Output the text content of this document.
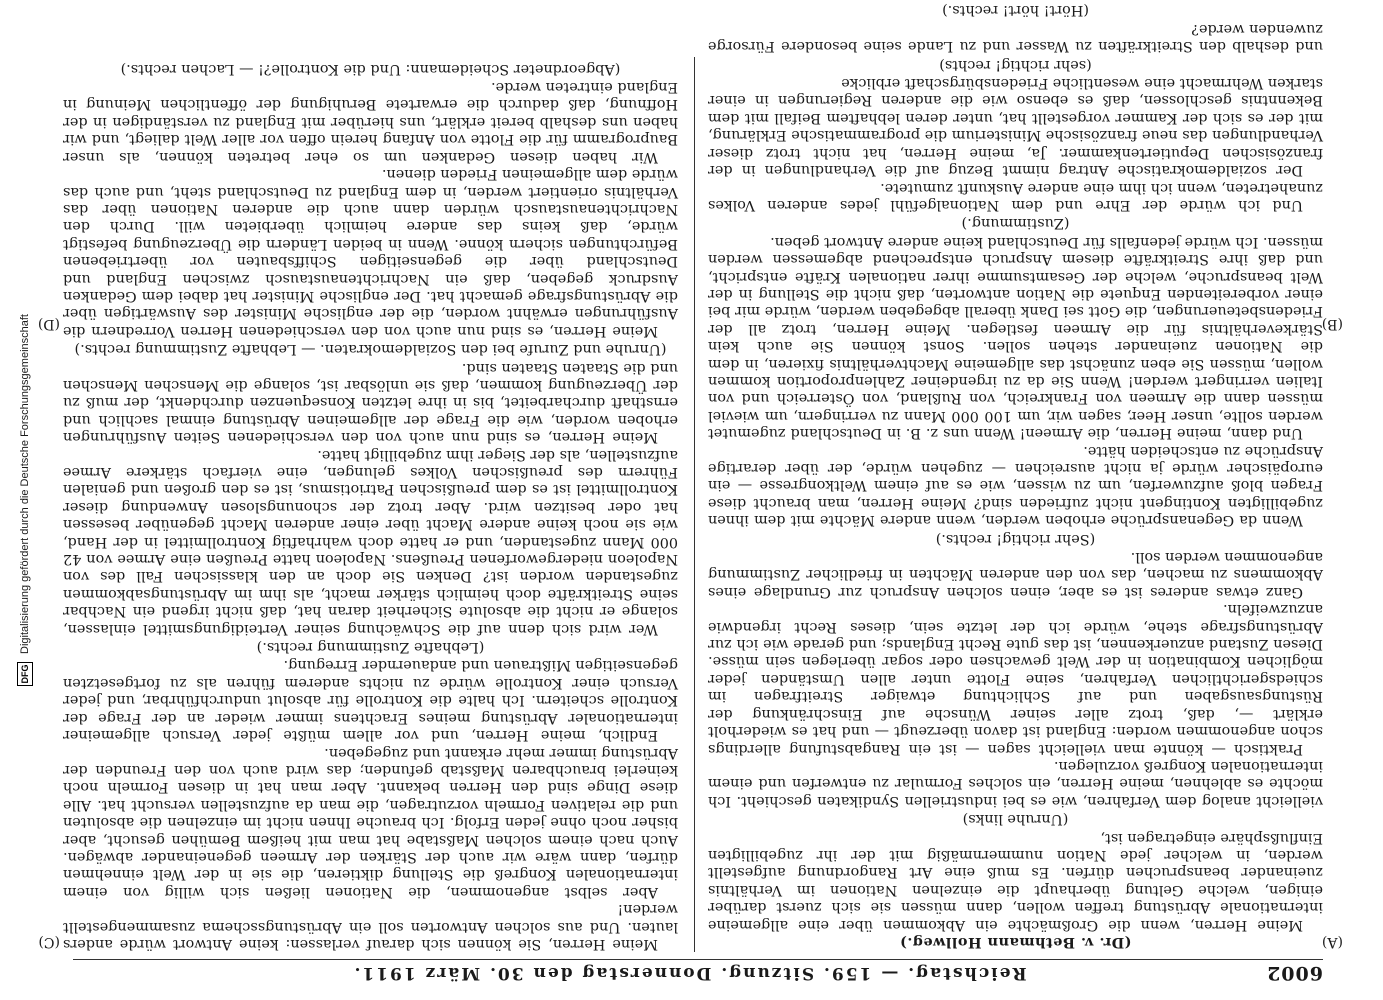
DFG
Digitalisierung gefördert durch die Deutsche Forschungsgemeinschaft
6002
Reichstag. — 159. Sitzung. Donnerstag den 30. März 1911.
(A)
(B)
(C)
(D)

(Dr. v. Bethmann Hollweg.)

Meine Herren, wenn die Großmächte ein Abkommen über eine allgemeine internationale Abrüstung treffen wollen, dann müssen sie sich zuerst darüber einigen, welche Geltung überhaupt die einzelnen Nationen im Verhältnis zueinander beanspruchen dürfen. Es muß eine Art Rangordnung aufgestellt werden, in welcher jede Nation nummernmäßig mit der ihr zugebilligten Einflußsphäre eingetragen ist,

(Unruhe links)

vielleicht analog dem Verfahren, wie es bei industriellen Syndikaten geschieht. Ich möchte es ablehnen, meine Herren, ein solches Formular zu entwerfen und einem internationalen Kongreß vorzulegen.

Praktisch — könnte man vielleicht sagen — ist ein Rangabstufung allerdings schon angenommen worden: England ist davon überzeugt — und hat es wiederholt erklärt —, daß, trotz aller seiner Wünsche auf Einschränkung der Rüstungsausgaben und auf Schlichtung etwaiger Streitfragen im schiedsgerichtlichen Verfahren, seine Flotte unter allen Umständen jeder möglichen Kombination in der Welt gewachsen oder sogar überlegen sein müsse. Diesen Zustand anzuerkennen, ist das gute Recht Englands; und gerade wie ich zur Abrüstungsfrage stehe, würde ich der letzte sein, dieses Recht irgendwie anzuzweifeln.

Ganz etwas anderes ist es aber, einen solchen Anspruch zur Grundlage eines Abkommens zu machen, das von den anderen Mächten in friedlicher Zustimmung angenommen werden soll.

(Sehr richtig! rechts.)

Wenn da Gegenansprüche erhoben werden, wenn andere Mächte mit dem ihnen zugebilligten Kontingent nicht zufrieden sind? Meine Herren, man braucht diese Fragen bloß aufzuwerfen, um zu wissen, wie es auf einem Weltkongresse — ein europäischer würde ja nicht ausreichen — zugehen würde, der über derartige Ansprüche zu entscheiden hätte.

Und dann, meine Herren, die Armeen! Wenn uns z. B. in Deutschland zugemutet werden sollte, unser Heer, sagen wir, um 100 000 Mann zu verringern, um wieviel müssen dann die Armeen von Frankreich, von Rußland, von Österreich und von Italien verringert werden! Wenn Sie da zu irgendeiner Zahlenproportion kommen wollen, müssen Sie eben zunächst das allgemeine Machtverhältnis fixieren, in dem die Nationen zueinander stehen sollen. Sonst können Sie auch kein Stärkeverhältnis für die Armeen festlegen. Meine Herren, trotz all der Friedensbeteuerungen, die Gott sei Dank überall abgegeben werden, würde mir bei einer vorbereitenden Enquete die Nation antworten, daß nicht die Stellung in der Welt beanspruche, welche der Gesamtsumme ihrer nationalen Kräfte entspricht, und daß ihre Streitkräfte diesem Anspruch entsprechend abgemessen werden müssen. Ich würde jedenfalls für Deutschland keine andere Antwort geben.

(Zustimmung.)

Und ich würde der Ehre und dem Nationalgefühl jedes anderen Volkes zunahetreten, wenn ich ihm eine andere Auskunft zumutete.

Der sozialdemokratische Antrag nimmt Bezug auf die Verhandlungen in der französischen Deputiertenkammer. Ja, meine Herren, hat nicht trotz dieser Verhandlungen das neue französische Ministerium die programmatische Erklärung, mit der es sich der Kammer vorgestellt hat, unter deren lebhaftem Beifall mit dem Bekenntnis geschlossen, daß es ebenso wie die anderen Regierungen in einer starken Wehrmacht eine wesentliche Friedensbürgschaft erblicke

(sehr richtig! rechts)

und deshalb den Streitkräften zu Wasser und zu Lande seine besondere Fürsorge zuwenden werde?

(Hört! hört! rechts.)

Meine Herren, Sie können sich darauf verlassen: keine Antwort würde anders lauten. Und aus solchen Antworten soll ein Abrüstungsschema zusammengestellt werden!

Aber selbst angenommen, die Nationen ließen sich willig von einem internationalen Kongreß die Stellung diktieren, die sie in der Welt einnehmen dürfen, dann wäre wir auch der Stärken der Armeen gegeneinander abwägen. Auch nach einem solchen Maßstabe hat man mit heißem Bemühen gesucht, aber bisher noch ohne jeden Erfolg. Ich brauche Ihnen nicht im einzelnen die absoluten und die relativen Formeln vorzutragen, die man da aufzustellen versucht hat. Alle diese Dinge sind den Herren bekannt. Aber man hat in diesen Formeln noch keinerlei brauchbaren Maßstab gefunden; das wird auch von den Freunden der Abrüstung immer mehr erkannt und zugegeben.

Endlich, meine Herren, und vor allem müßte jeder Versuch allgemeiner internationaler Abrüstung meines Erachtens immer wieder an der Frage der Kontrolle scheitern. Ich halte die Kontrolle für absolut undurchführbar, und jeder Versuch einer Kontrolle würde zu nichts anderem führen als zu fortgesetzten gegenseitigen Mißtrauen und andauernder Erregung.

(Lebhafte Zustimmung rechts.)

Wer wird sich denn auf die Schwächung seiner Verteidigungsmittel einlassen, solange er nicht die absolute Sicherheit daran hat, daß nicht irgend ein Nachbar seine Streitkräfte doch heimlich stärker macht, als ihm im Abrüstungsabkommen zugestanden worden ist? Denken Sie doch an den klassischen Fall des von Napoleon niedergeworfenen Preußens. Napoleon hatte Preußen eine Armee von 42 000 Mann zugestanden, und er hatte doch wahrhaftig Kontrollmittel in der Hand, wie sie noch keine andere Macht über einer anderen Macht gegenüber besessen hat oder besitzen wird. Aber trotz der schonungslosen Anwendung dieser Kontrollmittel ist es dem preußischen Patriotismus, ist es den großen und genialen Führern des preußischen Volkes gelungen, eine vierfach stärkere Armee aufzustellen, als der Sieger ihm zugebilligt hatte.

Meine Herren, es sind nun auch von den verschiedenen Seiten Ausführungen erhoben worden, wie die Frage der allgemeinen Abrüstung einmal sachlich und ernsthaft durcharbeitet, bis in ihre letzten Konsequenzen durchdenkt, der muß zu der Überzeugung kommen, daß sie unlösbar ist, solange die Menschen Menschen und die Staaten Staaten sind.

(Unruhe und Zurufe bei den Sozialdemokraten. — Lebhafte Zustimmung rechts.)

Meine Herren, es sind nun auch von den verschiedenen Herren Vorrednern die Ausführungen erwähnt worden, die der englische Minister des Auswärtigen über die Abrüstungsfrage gemacht hat. Der englische Minister hat dabei dem Gedanken Ausdruck gegeben, daß ein Nachrichtenaustausch zwischen England und Deutschland über die gegenseitigen Schiffsbauten vor übertriebenen Befürchtungen sichern könne. Wenn in beiden Ländern die Überzeugung befestigt würde, daß keins das andere heimlich überbieten will. Durch den Nachrichtenaustausch würden dann auch die anderen Nationen über das Verhältnis orientiert werden, in dem England zu Deutschland steht, und auch das würde dem allgemeinen Frieden dienen.

Wir haben diesen Gedanken um so eher betreten können, als unser Bauprogramm für die Flotte von Anfang herein offen vor aller Welt daliegt, und wir haben uns deshalb bereit erklärt, uns hierüber mit England zu verständigen in der Hoffnung, daß dadurch die erwartete Beruhigung der öffentlichen Meinung in England eintreten werde.

(Abgeordneter Scheidemann: Und die Kontrolle?! — Lachen rechts.)
